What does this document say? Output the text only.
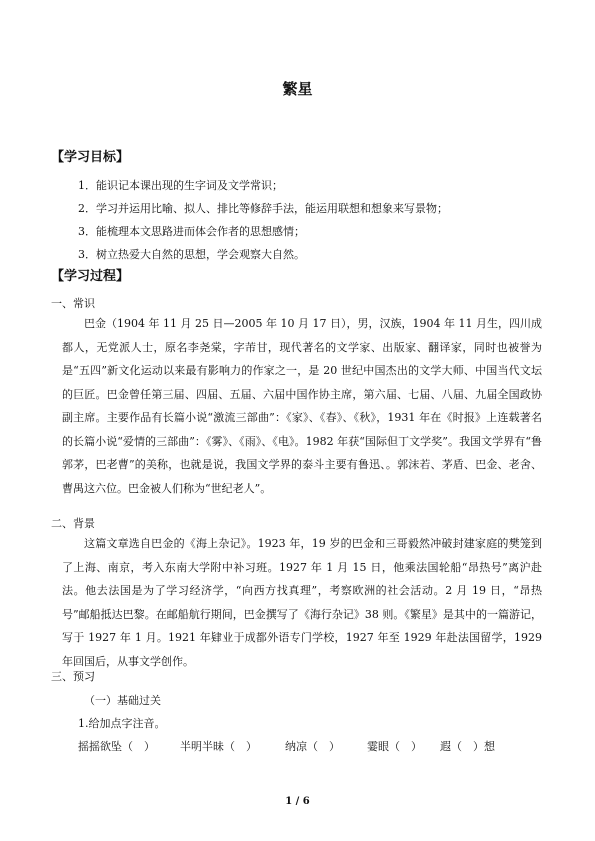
繁星
【学习目标】
1．能识记本课出现的生字词及文学常识；
2．学习并运用比喻、拟人、排比等修辞手法，能运用联想和想象来写景物；
3．能梳理本文思路进而体会作者的思想感情；
3．树立热爱大自然的思想，学会观察大自然。
【学习过程】
一、常识

巴金（1904 年 11 月 25 日—2005 年 10 月 17 日），男，汉族，1904 年 11 月生，四川成都人，无党派人士，原名李尧棠，字芾甘，现代著名的文学家、出版家、翻译家，同时也被誉为是“五四”新文化运动以来最有影响力的作家之一，是 20 世纪中国杰出的文学大师、中国当代文坛的巨匠。巴金曾任第三届、四届、五届、六届中国作协主席，第六届、七届、八届、九届全国政协副主席。主要作品有长篇小说“激流三部曲”：《家》、《春》、《秋》，1931 年在《时报》上连载著名的长篇小说“爱情的三部曲”：《雾》、《雨》、《电》。1982 年获“国际但丁文学奖”。我国文学界有“鲁郭茅，巴老曹”的美称，也就是说，我国文学界的泰斗主要有鲁迅、。郭沫若、茅盾、巴金、老舍、曹禺这六位。巴金被人们称为“世纪老人”。

二、背景

这篇文章选自巴金的《海上杂记》。1923 年，19 岁的巴金和三哥毅然冲破封建家庭的樊笼到了上海、南京，考入东南大学附中补习班。1927 年 1 月 15 日，他乘法国轮船“昂热号”离沪赴法。他去法国是为了学习经济学，“向西方找真理”，考察欧洲的社会活动。2 月 19 日，“昂热号”邮船抵达巴黎。在邮船航行期间，巴金撰写了《海行杂记》38 则。《繁星》是其中的一篇游记，写于 1927 年 1 月。1921 年肄业于成都外语专门学校，1927 年至 1929 年赴法国留学，1929 年回国后，从事文学创作。

三、预习
（一）基础过关
1.给加点字注音。
摇摇欲坠（　） 半明半昧（　）	纳凉（　） 霎眼（　） 遐（　）想
1 / 6
